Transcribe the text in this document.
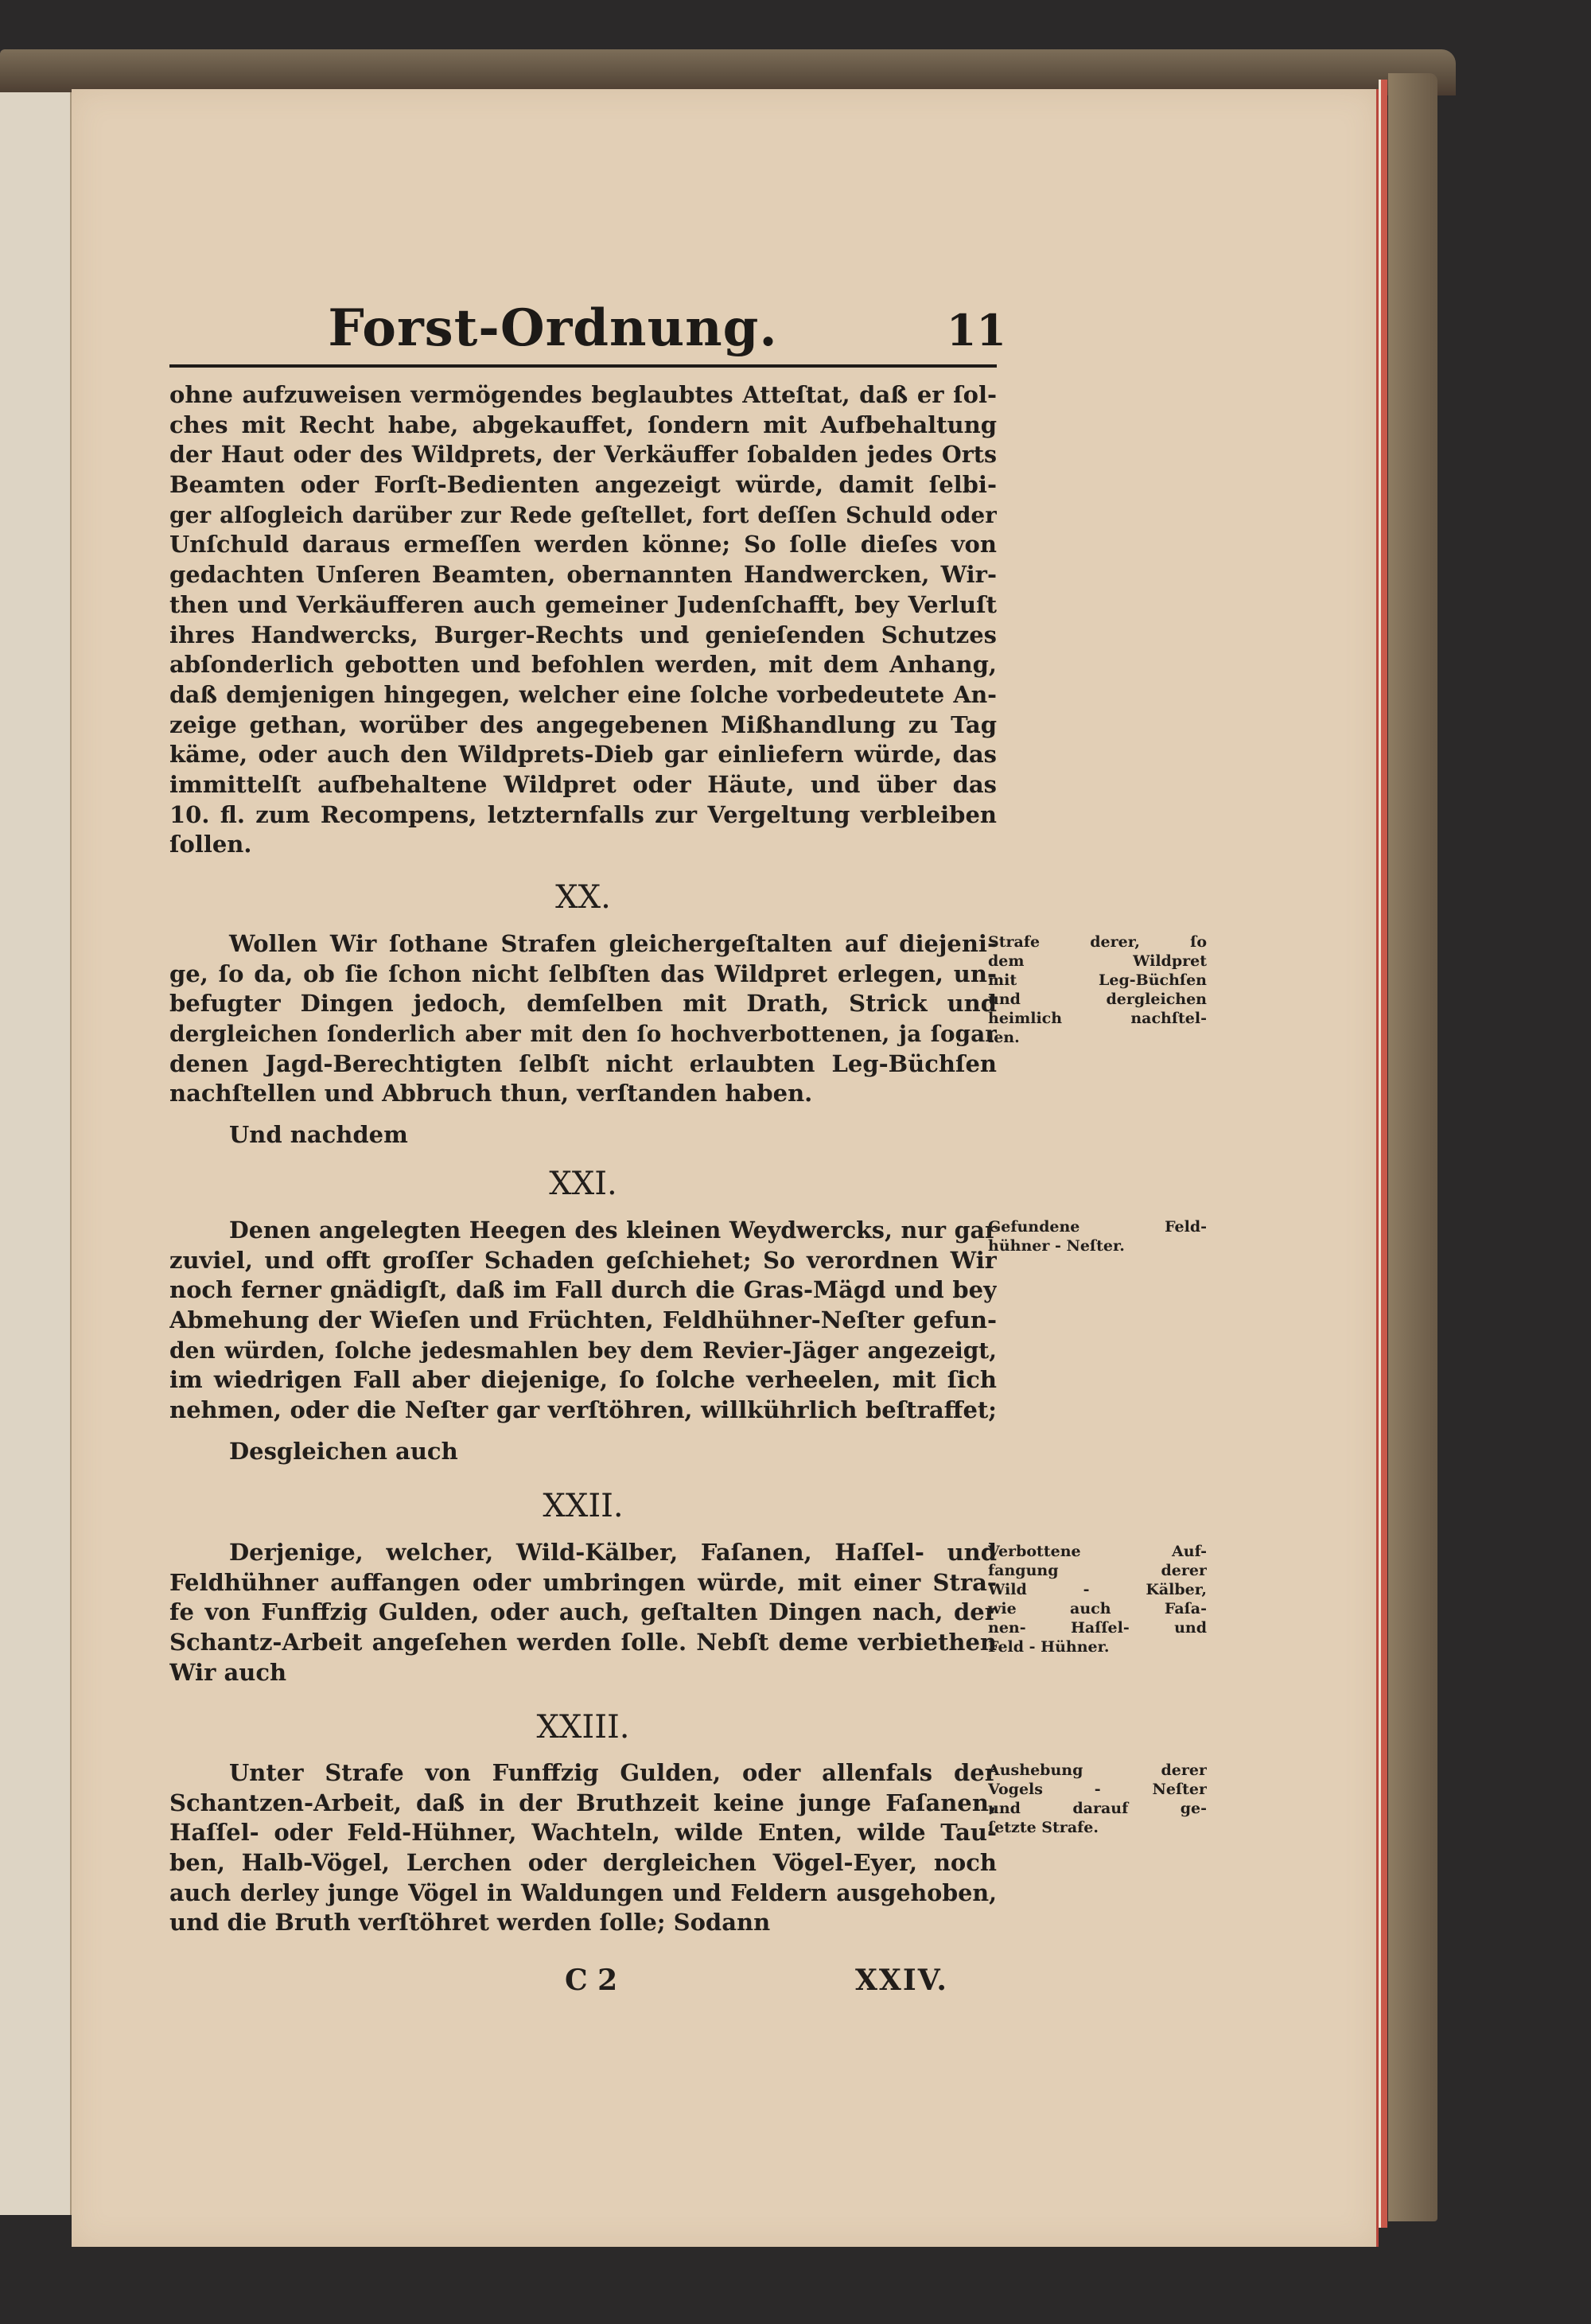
Forst-Ordnung.	11
ohne aufzuweisen vermögendes beglaubtes Atteſtat, daß er ſol-
ches mit Recht habe, abgekauffet, ſondern mit Aufbehaltung
der Haut oder des Wildprets, der Verkäuffer ſobalden jedes Orts
Beamten oder Forſt-Bedienten angezeigt würde, damit ſelbi-
ger alſogleich darüber zur Rede geſtellet, fort deſſen Schuld oder
Unſchuld daraus ermeſſen werden könne; So ſolle dieſes von
gedachten Unſeren Beamten, obernannten Handwercken, Wir-
then und Verkäufferen auch gemeiner Judenſchafft, bey Verluſt
ihres Handwercks, Burger-Rechts und genieſenden Schutzes
abſonderlich gebotten und befohlen werden, mit dem Anhang,
daß demjenigen hingegen, welcher eine ſolche vorbedeutete An-
zeige gethan, worüber des angegebenen Mißhandlung zu Tag
käme, oder auch den Wildprets-Dieb gar einliefern würde, das
immittelſt aufbehaltene Wildpret oder Häute, und über das
10. fl. zum Recompens, letzternfalls zur Vergeltung verbleiben
ſollen.
XX.
Wollen Wir ſothane Strafen gleichergeſtalten auf diejeni-
ge, ſo da, ob ſie ſchon nicht ſelbſten das Wildpret erlegen, un-
befugter Dingen jedoch, demſelben mit Drath, Strick und
dergleichen ſonderlich aber mit den ſo hochverbottenen, ja ſogar
denen Jagd-Berechtigten ſelbſt nicht erlaubten Leg-Büchſen
nachſtellen und Abbruch thun, verſtanden haben.
Und nachdem
Strafe derer, ſo
dem Wildpret
mit Leg-Büchſen
und dergleichen
heimlich nachſtel-
len.
XXI.
Denen angelegten Heegen des kleinen Weydwercks, nur gar
zuviel, und offt groſſer Schaden geſchiehet; So verordnen Wir
noch ferner gnädigſt, daß im Fall durch die Gras-Mägd und bey
Abmehung der Wieſen und Früchten, Feldhühner-Neſter gefun-
den würden, ſolche jedesmahlen bey dem Revier-Jäger angezeigt,
im wiedrigen Fall aber diejenige, ſo ſolche verheelen, mit ſich
nehmen, oder die Neſter gar verſtöhren, willkührlich beſtraffet;
Desgleichen auch
Gefundene Feld-
hühner - Neſter.
XXII.
Derjenige, welcher, Wild-Kälber, Faſanen, Haſſel- und
Feldhühner auffangen oder umbringen würde, mit einer Stra-
fe von Funffzig Gulden, oder auch, geſtalten Dingen nach, der
Schantz-Arbeit angeſehen werden ſolle. Nebſt deme verbiethen
Wir auch
Verbottene Auf-
fangung derer
Wild - Kälber,
wie auch Faſa-
nen- Haſſel- und
Feld - Hühner.
XXIII.
Unter Strafe von Funffzig Gulden, oder allenfals der
Schantzen-Arbeit, daß in der Bruthzeit keine junge Faſanen,
Haſſel- oder Feld-Hühner, Wachteln, wilde Enten, wilde Tau-
ben, Halb-Vögel, Lerchen oder dergleichen Vögel-Eyer, noch
auch derley junge Vögel in Waldungen und Feldern ausgehoben,
und die Bruth verſtöhret werden ſolle; Sodann
Aushebung derer
Vogels - Neſter
und darauf ge-
ſetzte Strafe.
C 2	XXIV.
